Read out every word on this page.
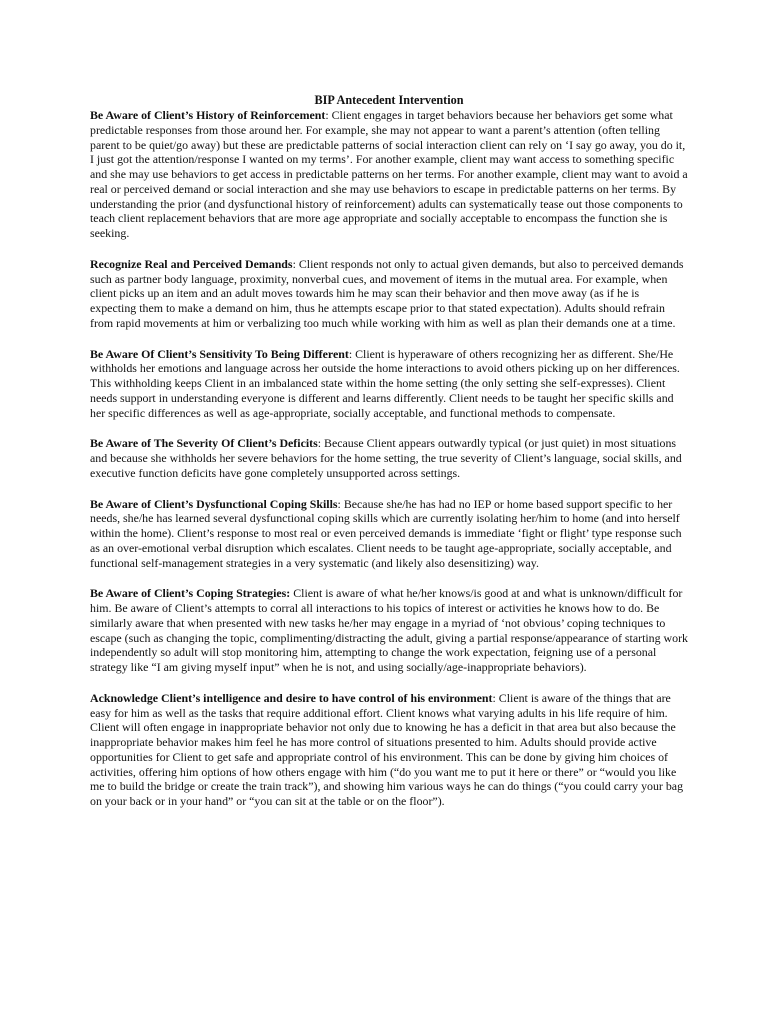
BIP Antecedent Intervention

Be Aware of Client’s History of Reinforcement: Client engages in target behaviors because her behaviors get some what predictable responses from those around her. For example, she may not appear to want a parent’s attention (often telling parent to be quiet/go away) but these are predictable patterns of social interaction client can rely on ‘I say go away, you do it, I just got the attention/response I wanted on my terms’. For another example, client may want access to something specific and she may use behaviors to get access in predictable patterns on her terms. For another example, client may want to avoid a real or perceived demand or social interaction and she may use behaviors to escape in predictable patterns on her terms. By understanding the prior (and dysfunctional history of reinforcement) adults can systematically tease out those components to teach client replacement behaviors that are more age appropriate and socially acceptable to encompass the function she is seeking.

Recognize Real and Perceived Demands: Client responds not only to actual given demands, but also to perceived demands such as partner body language, proximity, nonverbal cues, and movement of items in the mutual area. For example, when client picks up an item and an adult moves towards him he may scan their behavior and then move away (as if he is expecting them to make a demand on him, thus he attempts escape prior to that stated expectation). Adults should refrain from rapid movements at him or verbalizing too much while working with him as well as plan their demands one at a time.

Be Aware Of Client’s Sensitivity To Being Different: Client is hyperaware of others recognizing her as different. She/He withholds her emotions and language across her outside the home interactions to avoid others picking up on her differences. This withholding keeps Client in an imbalanced state within the home setting (the only setting she self-expresses). Client needs support in understanding everyone is different and learns differently. Client needs to be taught her specific skills and her specific differences as well as age-appropriate, socially acceptable, and functional methods to compensate.

Be Aware of The Severity Of Client’s Deficits: Because Client appears outwardly typical (or just quiet) in most situations and because she withholds her severe behaviors for the home setting, the true severity of Client’s language, social skills, and executive function deficits have gone completely unsupported across settings.

Be Aware of Client’s Dysfunctional Coping Skills: Because she/he has had no IEP or home based support specific to her needs, she/he has learned several dysfunctional coping skills which are currently isolating her/him to home (and into herself within the home). Client’s response to most real or even perceived demands is immediate ‘fight or flight’ type response such as an over-emotional verbal disruption which escalates. Client needs to be taught age-appropriate, socially acceptable, and functional self-management strategies in a very systematic (and likely also desensitizing) way.

Be Aware of Client’s Coping Strategies: Client is aware of what he/her knows/is good at and what is unknown/difficult for him. Be aware of Client’s attempts to corral all interactions to his topics of interest or activities he knows how to do. Be similarly aware that when presented with new tasks he/her may engage in a myriad of ‘not obvious’ coping techniques to escape (such as changing the topic, complimenting/distracting the adult, giving a partial response/appearance of starting work independently so adult will stop monitoring him, attempting to change the work expectation, feigning use of a personal strategy like “I am giving myself input” when he is not, and using socially/age-inappropriate behaviors).

Acknowledge Client’s intelligence and desire to have control of his environment: Client is aware of the things that are easy for him as well as the tasks that require additional effort. Client knows what varying adults in his life require of him. Client will often engage in inappropriate behavior not only due to knowing he has a deficit in that area but also because the inappropriate behavior makes him feel he has more control of situations presented to him. Adults should provide active opportunities for Client to get safe and appropriate control of his environment. This can be done by giving him choices of activities, offering him options of how others engage with him (“do you want me to put it here or there” or “would you like me to build the bridge or create the train track”), and showing him various ways he can do things (“you could carry your bag on your back or in your hand” or “you can sit at the table or on the floor”).
